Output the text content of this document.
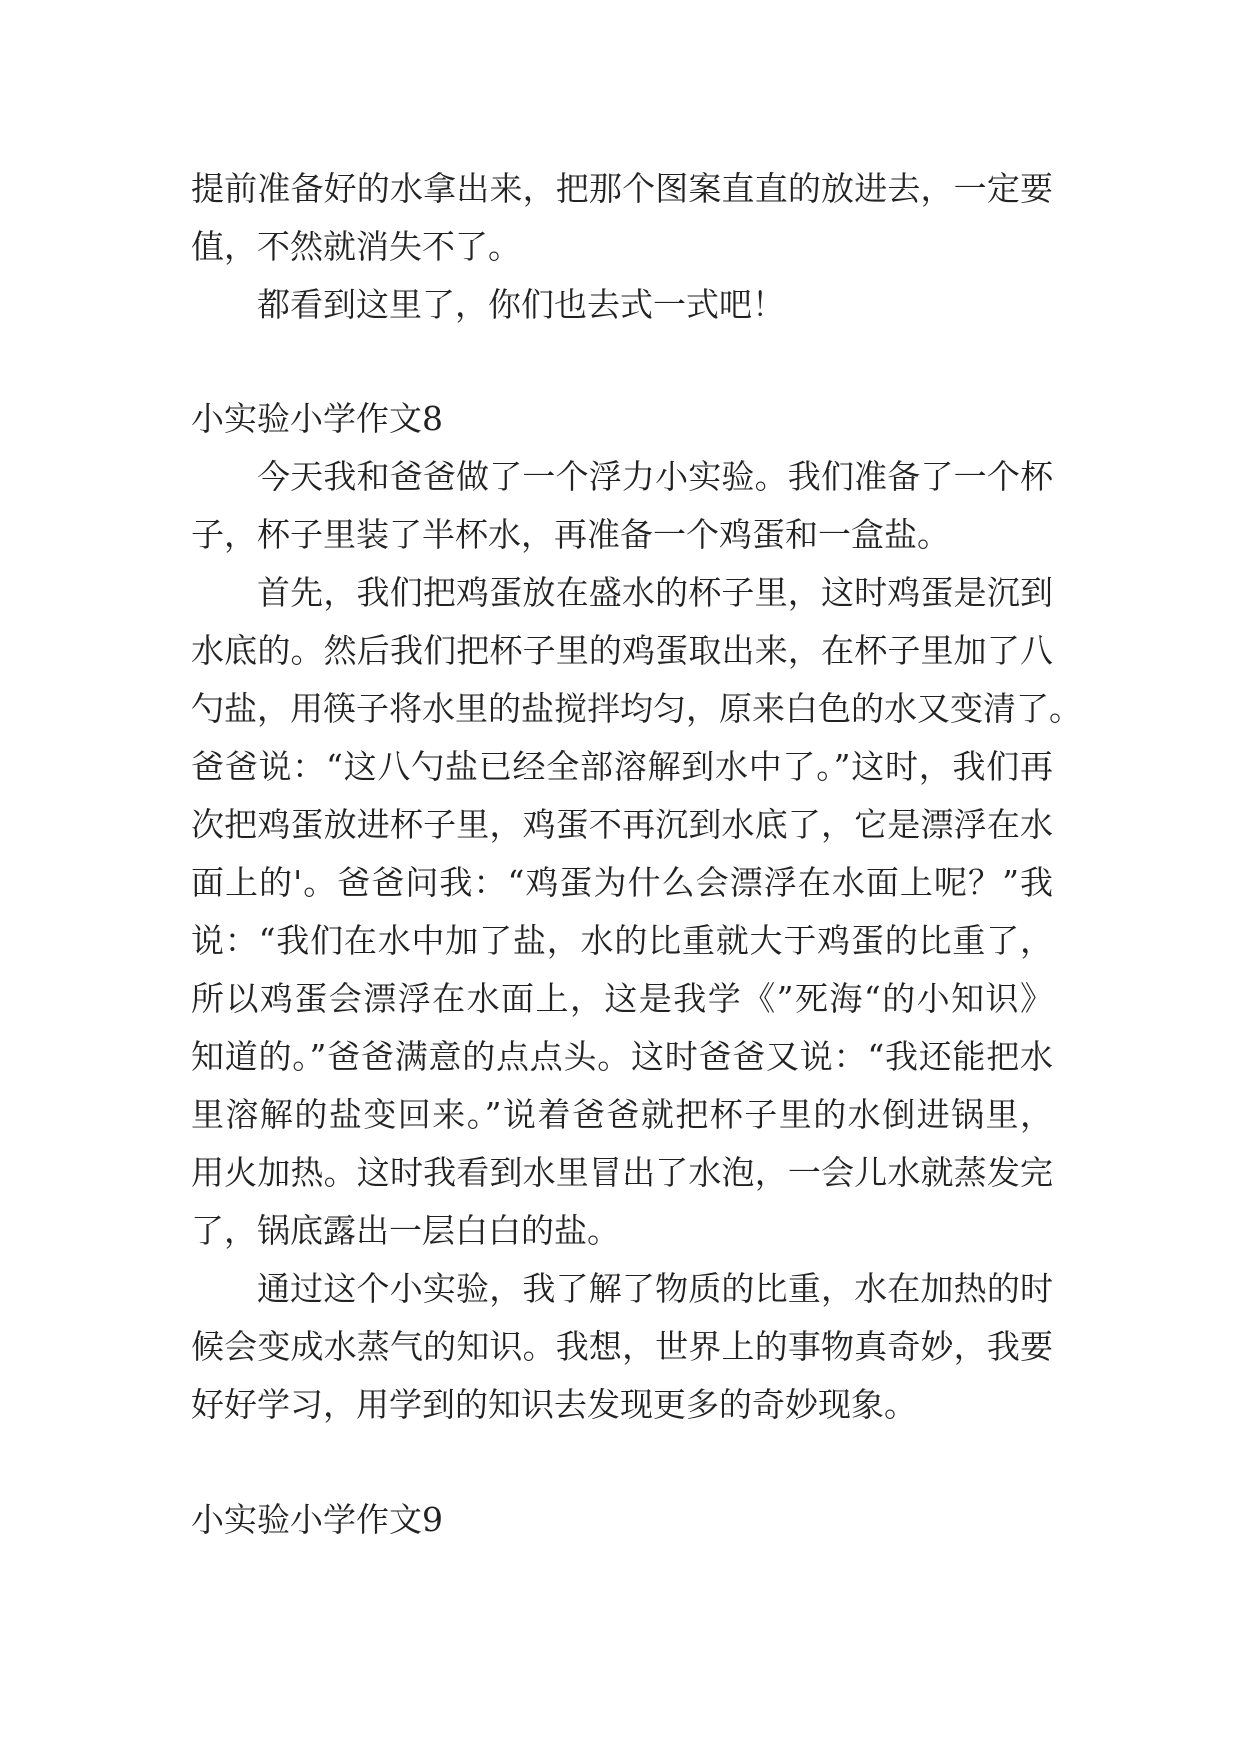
提前准备好的水拿出来，把那个图案直直的放进去，一定要
值，不然就消失不了。
都看到这里了，你们也去式一式吧！
小实验小学作文8
今天我和爸爸做了一个浮力小实验。我们准备了一个杯
子，杯子里装了半杯水，再准备一个鸡蛋和一盒盐。
首先，我们把鸡蛋放在盛水的杯子里，这时鸡蛋是沉到
水底的。然后我们把杯子里的鸡蛋取出来，在杯子里加了八
勺盐，用筷子将水里的盐搅拌均匀，原来白色的水又变清了。
爸爸说：“这八勺盐已经全部溶解到水中了。”这时，我们再
次把鸡蛋放进杯子里，鸡蛋不再沉到水底了，它是漂浮在水
面上的'。爸爸问我：“鸡蛋为什么会漂浮在水面上呢？”我
说：“我们在水中加了盐，水的比重就大于鸡蛋的比重了，
所以鸡蛋会漂浮在水面上，这是我学《”死海“的小知识》
知道的。”爸爸满意的点点头。这时爸爸又说：“我还能把水
里溶解的盐变回来。”说着爸爸就把杯子里的水倒进锅里，
用火加热。这时我看到水里冒出了水泡，一会儿水就蒸发完
了，锅底露出一层白白的盐。
通过这个小实验，我了解了物质的比重，水在加热的时
候会变成水蒸气的知识。我想，世界上的事物真奇妙，我要
好好学习，用学到的知识去发现更多的奇妙现象。
小实验小学作文9
